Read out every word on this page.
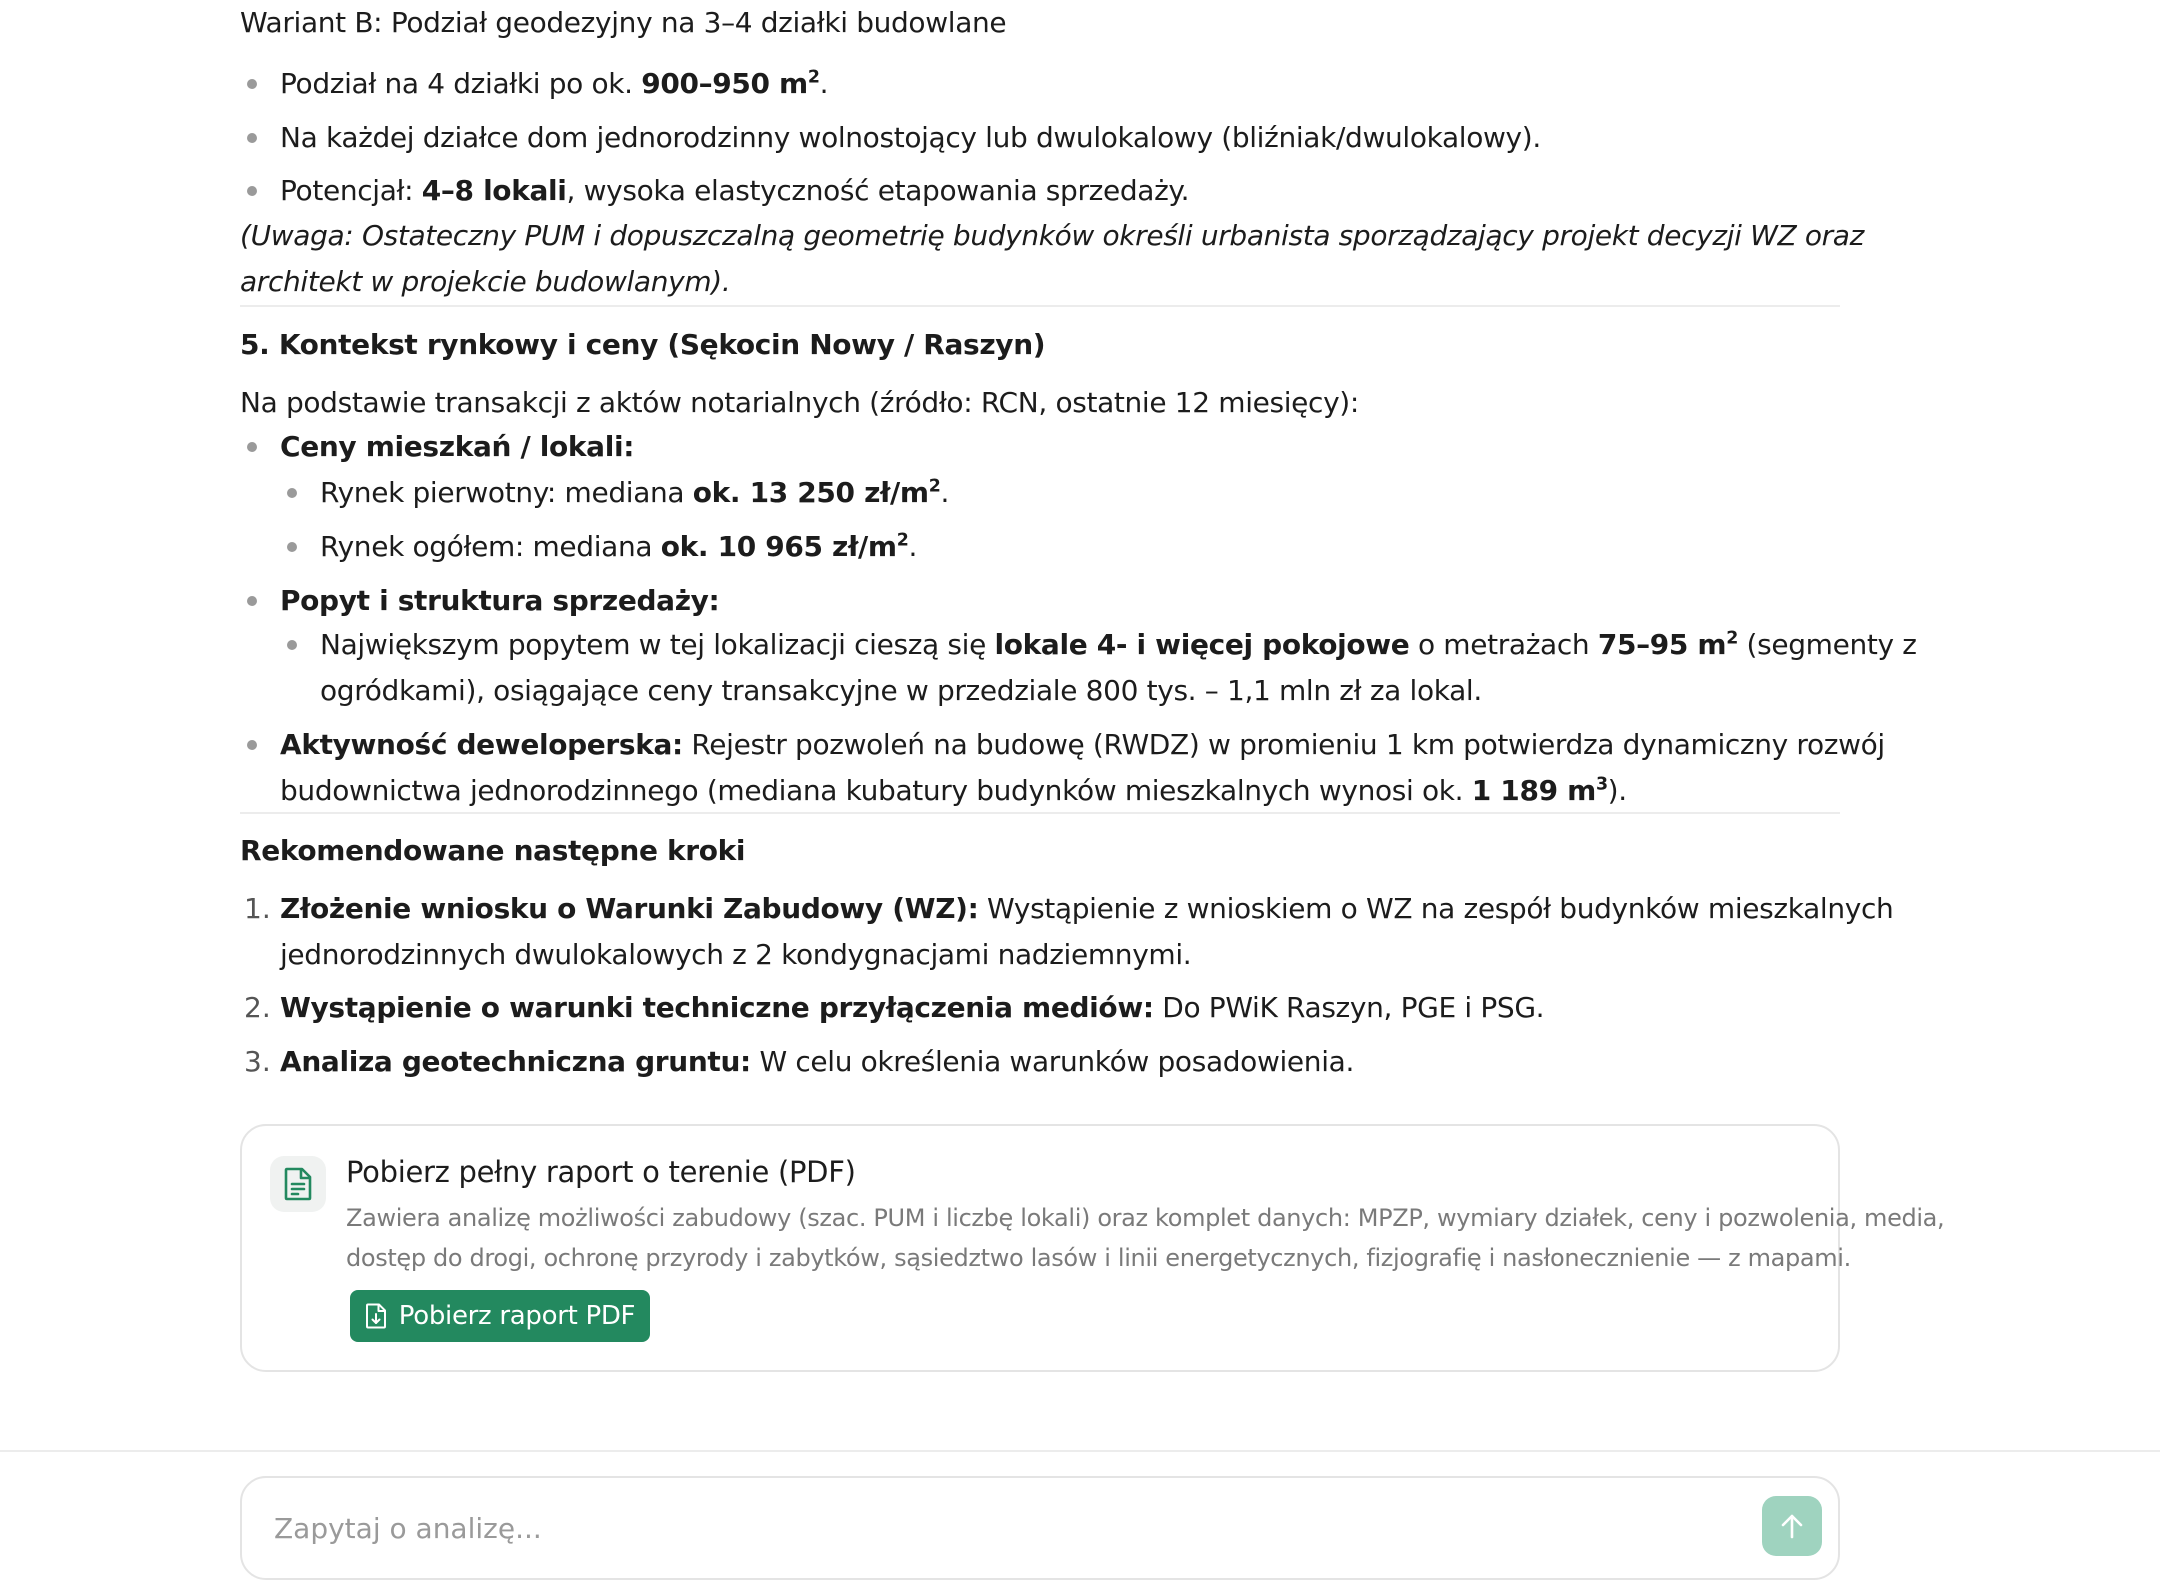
Wariant B: Podział geodezyjny na 3–4 działki budowlane
Podział na 4 działki po ok. 900–950 $m^2$.
Na każdej działce dom jednorodzinny wolnostojący lub dwulokalowy (bliźniak/dwulokalowy).
Potencjał: 4–8 lokali, wysoka elastyczność etapowania sprzedaży.
(Uwaga: Ostateczny PUM i dopuszczalną geometrię budynków określi urbanista sporządzający projekt decyzji WZ oraz
architekt w projekcie budowlanym).
5. Kontekst rynkowy i ceny (Sękocin Nowy / Raszyn)
Na podstawie transakcji z aktów notarialnych (źródło: RCN, ostatnie 12 miesięcy):
Ceny mieszkań / lokali:
Rynek pierwotny: mediana ok. 13 250 $zł/m^2$.
Rynek ogółem: mediana ok. 10 965 $zł/m^2$.
Popyt i struktura sprzedaży:
Największym popytem w tej lokalizacji cieszą się lokale 4- i więcej pokojowe o metrażach 75–95 $m^2$ (segmenty z
ogródkami), osiągające ceny transakcyjne w przedziale 800 tys. – 1,1 mln zł za lokal.
Aktywność deweloperska: Rejestr pozwoleń na budowę (RWDZ) w promieniu 1 km potwierdza dynamiczny rozwój
budownictwa jednorodzinnego (mediana kubatury budynków mieszkalnych wynosi ok. 1 189 $m^3$).
Rekomendowane następne kroki
1. Złożenie wniosku o Warunki Zabudowy (WZ): Wystąpienie z wnioskiem o WZ na zespół budynków mieszkalnych
jednorodzinnych dwulokalowych z 2 kondygnacjami nadziemnymi.
2. Wystąpienie o warunki techniczne przyłączenia mediów: Do PWiK Raszyn, PGE i PSG.
3. Analiza geotechniczna gruntu: W celu określenia warunków posadowienia.
Pobierz pełny raport o terenie (PDF)
Zawiera analizę możliwości zabudowy (szac. PUM i liczbę lokali) oraz komplet danych: MPZP, wymiary działek, ceny i pozwolenia, media,
dostęp do drogi, ochronę przyrody i zabytków, sąsiedztwo lasów i linii energetycznych, fizjografię i nasłonecznienie — z mapami.
Pobierz raport PDF
Zapytaj o analizę...
